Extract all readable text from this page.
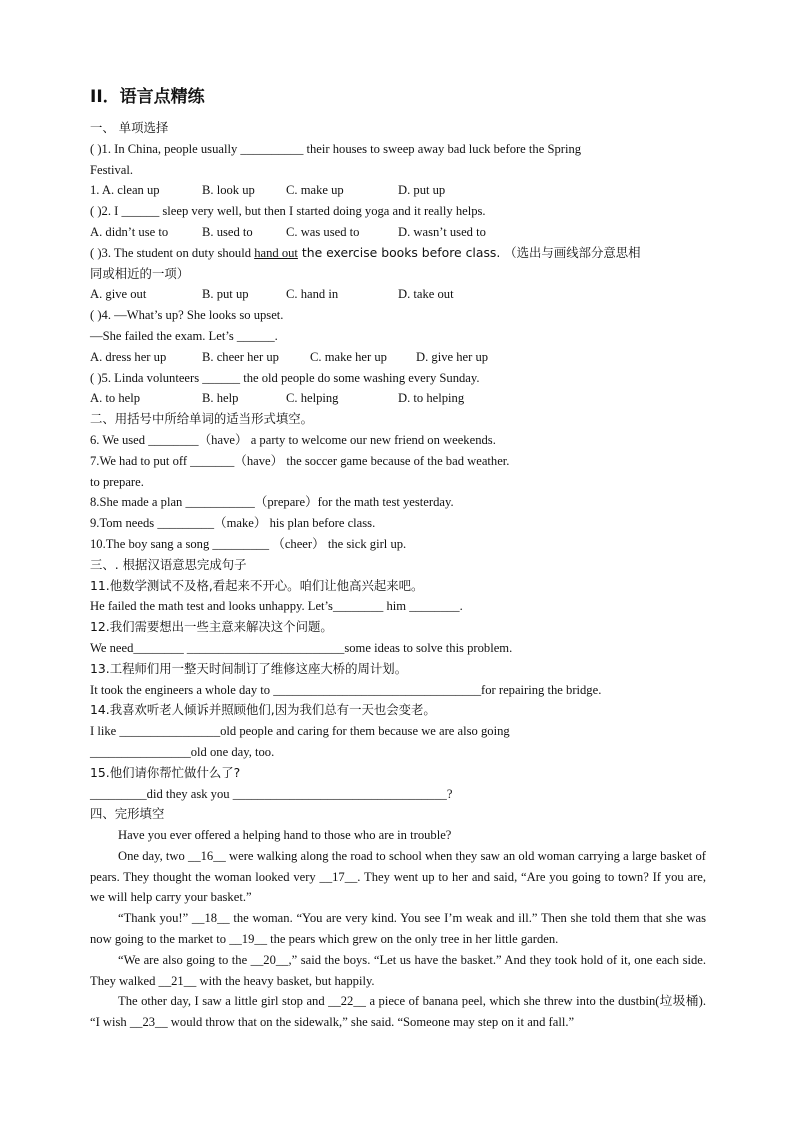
II．语言点精练
一、 单项选择
( )1. In China, people usually __________ their houses to sweep away bad luck before the Spring
Festival.
1. A. clean up	B. look up C. make up	D. put up
( )2. I ______ sleep very well, but then I started doing yoga and it really helps.
A. didn’t use to	B. used to	C. was used to	D. wasn’t used to
( )3. The student on duty should hand out the exercise books before class. （选出与画线部分意思相
同或相近的一项）
A. give out	B. put up	C. hand in	D. take out
( )4. —What’s up? She looks so upset.
—She failed the exam. Let’s ______.
A. dress her up	B. cheer her up C. make her up D. give her up
( )5. Linda volunteers ______ the old people do some washing every Sunday.
A. to help	B. help	C. helping	D. to helping
二、用括号中所给单词的适当形式填空。
6. We used ________（have） a party to welcome our new friend on weekends.
7.We had to put off _______（have） the soccer game because of the bad weather.
to prepare.
8.She made a plan ___________（prepare）for the math test yesterday.
9.Tom needs _________（make） his plan before class.
10.The boy sang a song _________ （cheer） the sick girl up.
三、. 根据汉语意思完成句子
11.他数学测试不及格,看起来不开心。咱们让他高兴起来吧。
He failed the math test and looks unhappy. Let’s________ him ________.
12.我们需要想出一些主意来解决这个问题。
We need________ _________________________some ideas to solve this problem.
13.工程师们用一整天时间制订了维修这座大桥的周计划。
It took the engineers a whole day to _________________________________for repairing the bridge.
14.我喜欢听老人倾诉并照顾他们,因为我们总有一天也会变老。
I like ________________old people and caring for them because we are also going
________________old one day, too.
15.他们请你帮忙做什么了?
_________did they ask you __________________________________?
四、完形填空
Have you ever offered a helping hand to those who are in trouble?
One day, two __16__ were walking along the road to school when they saw an old woman carrying a large basket of pears. They thought the woman looked very __17__. They went up to her and said, “Are you going to town? If you are, we will help carry your basket.”
“Thank you!” __18__ the woman. “You are very kind. You see I’m weak and ill.” Then she told them that she was now going to the market to __19__ the pears which grew on the only tree in her little garden.
“We are also going to the __20__,” said the boys. “Let us have the basket.” And they took hold of it, one each side. They walked __21__ with the heavy basket, but happily.
The other day, I saw a little girl stop and __22__ a piece of banana peel, which she threw into the dustbin(垃圾桶). “I wish __23__ would throw that on the sidewalk,” she said. “Someone may step on it and fall.”
